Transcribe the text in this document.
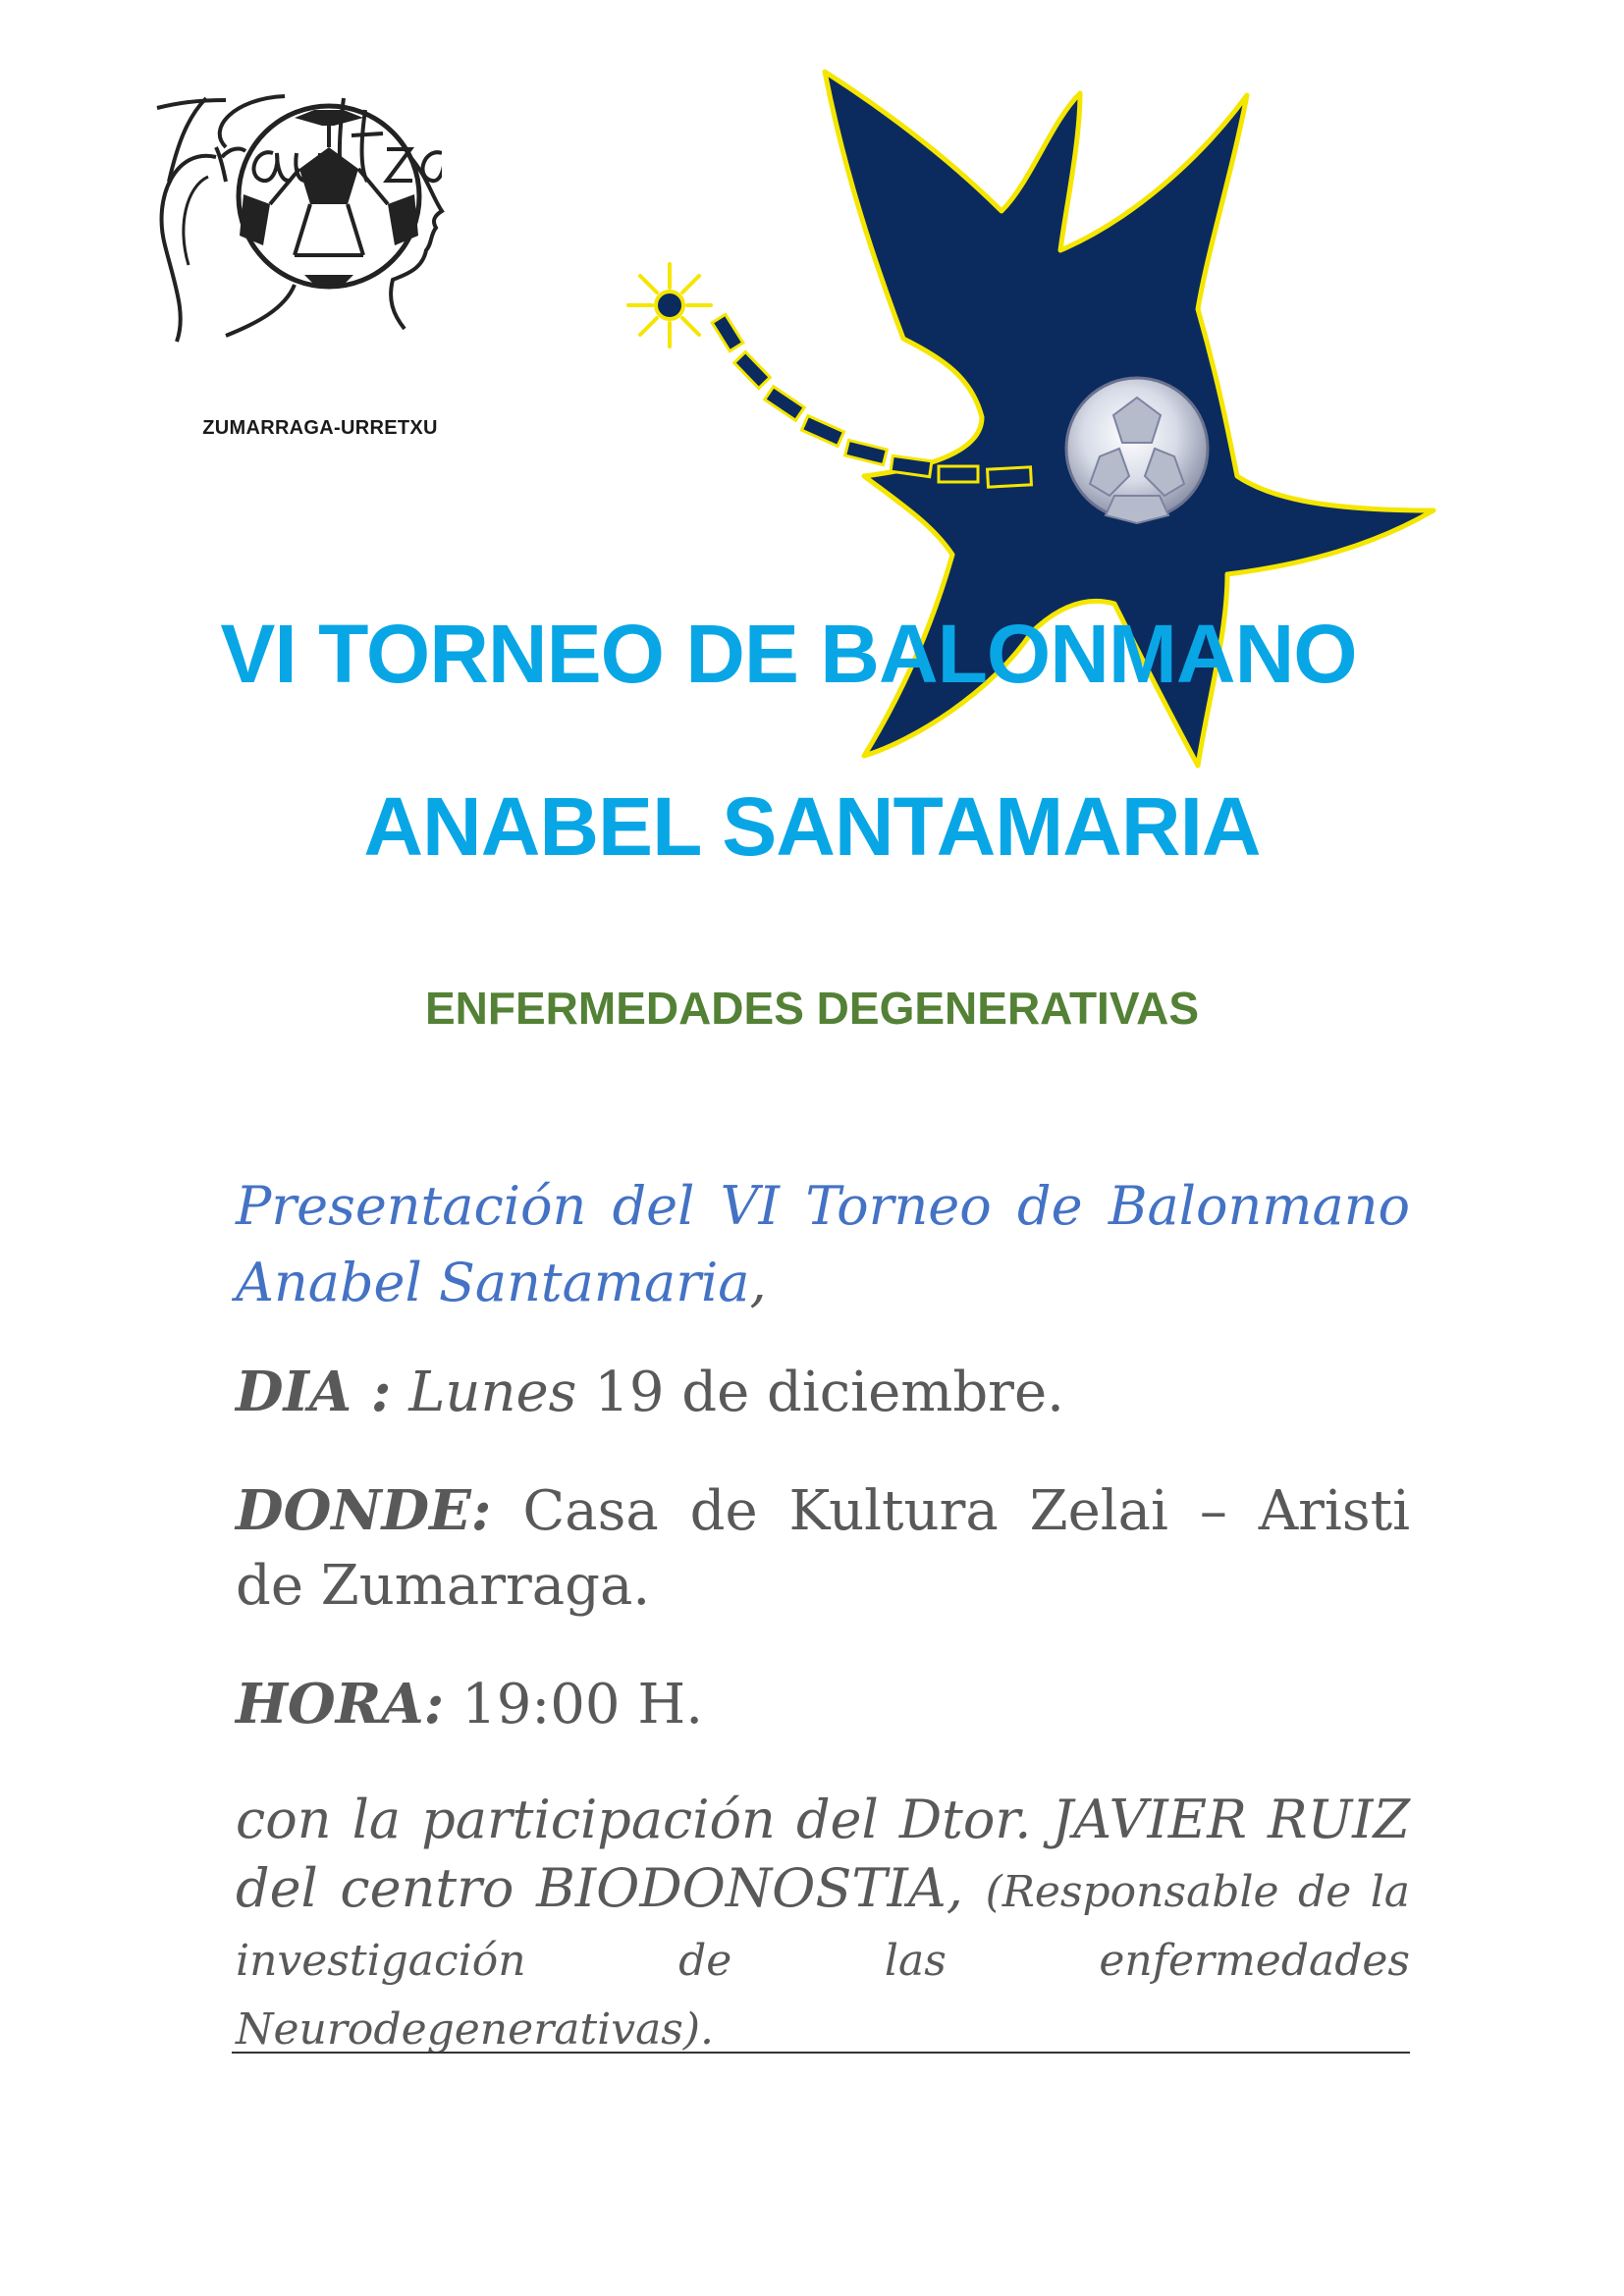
ZUMARRAGA-URRETXU
VI TORNEO DE BALONMANO
ANABEL SANTAMARIA
ENFERMEDADES DEGENERATIVAS

Presentación del VI Torneo de Balonmano Anabel Santamaria,

DIA : Lunes 19 de diciembre.

DONDE: Casa de Kultura Zelai – Aristi de Zumarraga.

HORA: 19:00 H.

con la participación del Dtor. JAVIER RUIZ del centro BIODONOSTIA, (Responsable de la investigación de las enfermedades Neurodegenerativas).
